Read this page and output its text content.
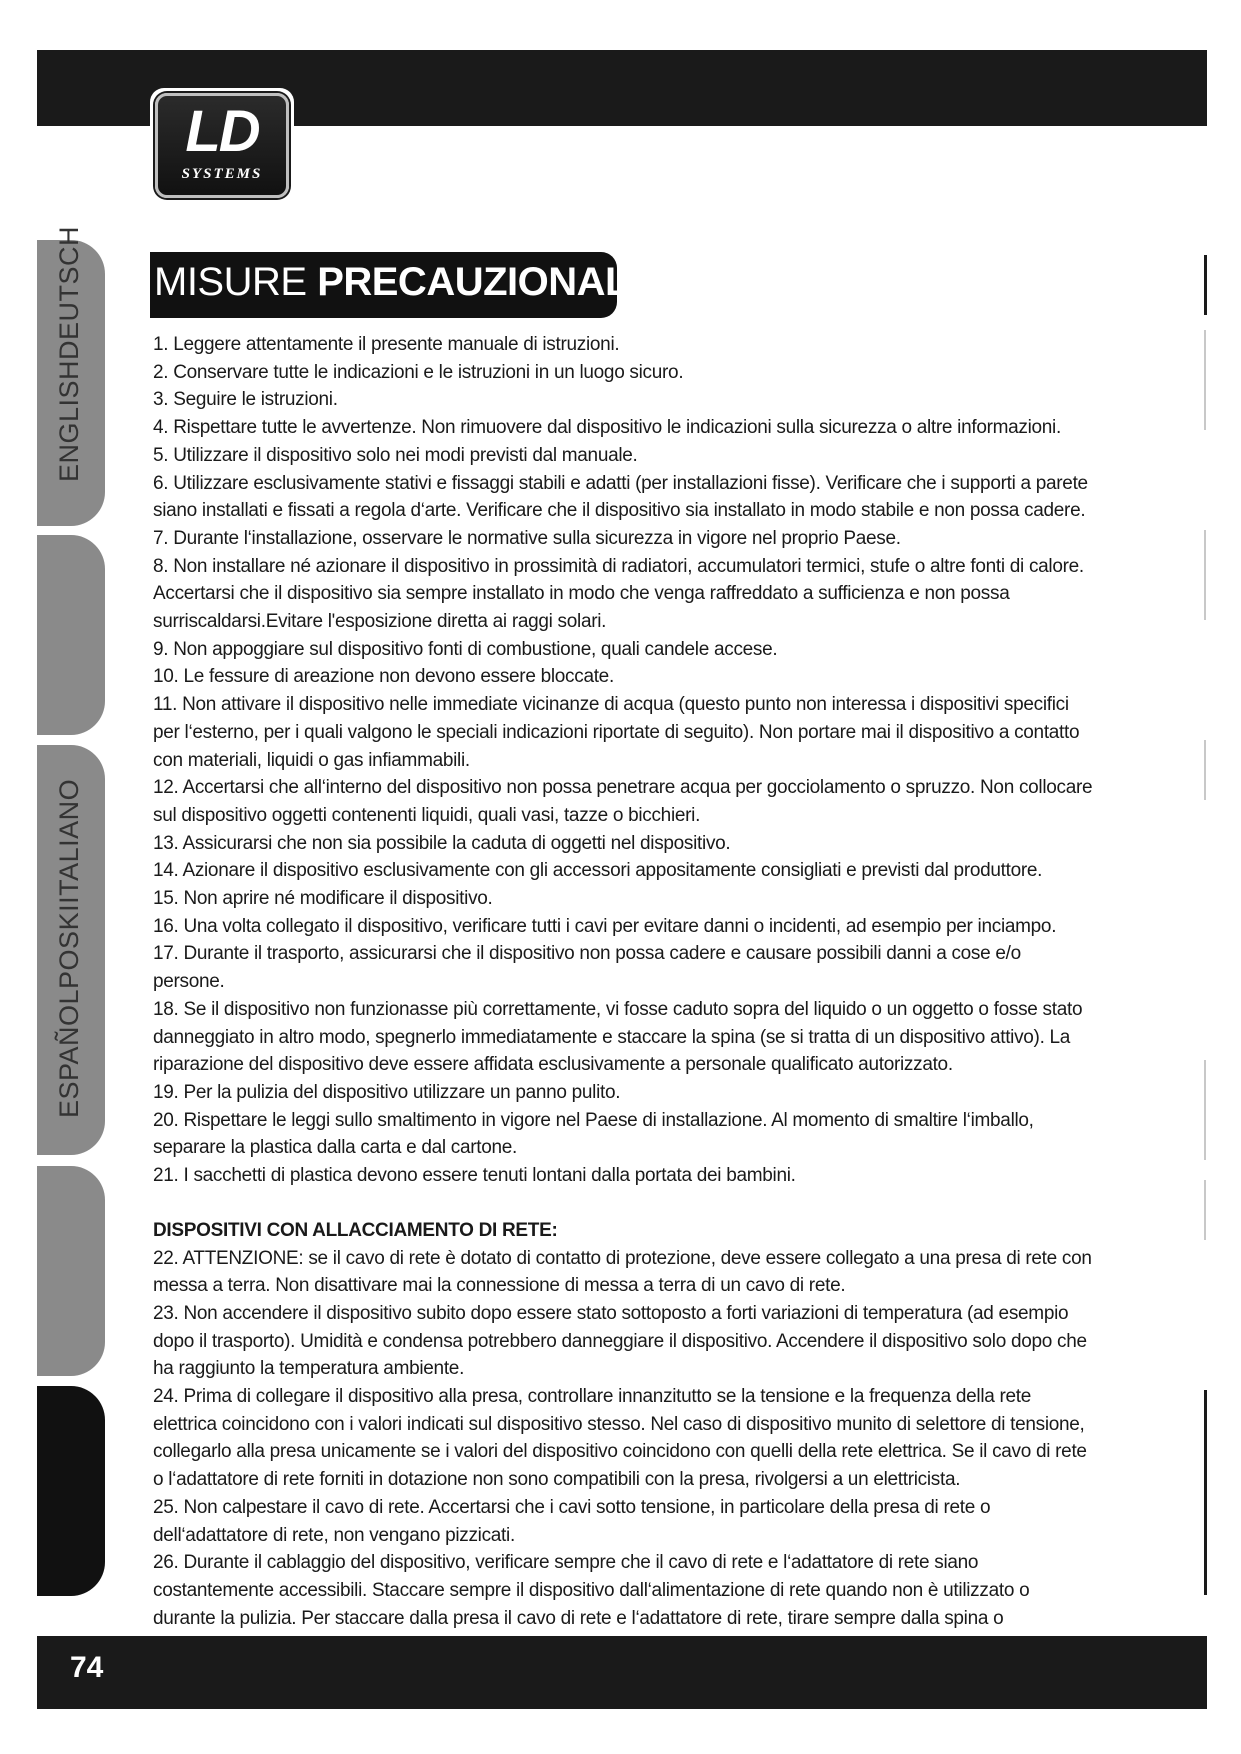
LD
SYSTEMS
ENGLISHDEUTSCH
ESPAÑOLPOSKIITALIANO
MISURE PRECAUZIONALI:

1. Leggere attentamente il presente manuale di istruzioni.

2. Conservare tutte le indicazioni e le istruzioni in un luogo sicuro.

3. Seguire le istruzioni.

4. Rispettare tutte le avvertenze. Non rimuovere dal dispositivo le indicazioni sulla sicurezza o altre informazioni.

5. Utilizzare il dispositivo solo nei modi previsti dal manuale.

6. Utilizzare esclusivamente stativi e fissaggi stabili e adatti (per installazioni fisse). Verificare che i supporti a parete siano installati e fissati a regola d‘arte. Verificare che il dispositivo sia installato in modo stabile e non possa cadere.

7. Durante l‘installazione, osservare le normative sulla sicurezza in vigore nel proprio Paese.

8. Non installare né azionare il dispositivo in prossimità di radiatori, accumulatori termici, stufe o altre fonti di calore. Accertarsi che il dispositivo sia sempre installato in modo che venga raffreddato a sufficienza e non possa surriscaldarsi.Evitare l'esposizione diretta ai raggi solari.

9. Non appoggiare sul dispositivo fonti di combustione, quali candele accese.

10. Le fessure di areazione non devono essere bloccate.

11. Non attivare il dispositivo nelle immediate vicinanze di acqua (questo punto non interessa i dispositivi specifici per l‘esterno, per i quali valgono le speciali indicazioni riportate di seguito). Non portare mai il dispositivo a contatto con materiali, liquidi o gas infiammabili.

12. Accertarsi che all‘interno del dispositivo non possa penetrare acqua per gocciolamento o spruzzo. Non collocare sul dispositivo oggetti contenenti liquidi, quali vasi, tazze o bicchieri.

13. Assicurarsi che non sia possibile la caduta di oggetti nel dispositivo.

14. Azionare il dispositivo esclusivamente con gli accessori appositamente consigliati e previsti dal produttore.

15. Non aprire né modificare il dispositivo.

16. Una volta collegato il dispositivo, verificare tutti i cavi per evitare danni o incidenti, ad esempio per inciampo.

17. Durante il trasporto, assicurarsi che il dispositivo non possa cadere e causare possibili danni a cose e/o persone.

18. Se il dispositivo non funzionasse più correttamente, vi fosse caduto sopra del liquido o un oggetto o fosse stato danneggiato in altro modo, spegnerlo immediatamente e staccare la spina (se si tratta di un dispositivo attivo). La riparazione del dispositivo deve essere affidata esclusivamente a personale qualificato autorizzato.

19. Per la pulizia del dispositivo utilizzare un panno pulito.

20. Rispettare le leggi sullo smaltimento in vigore nel Paese di installazione. Al momento di smaltire l‘imballo, separare la plastica dalla carta e dal cartone.

21. I sacchetti di plastica devono essere tenuti lontani dalla portata dei bambini.

DISPOSITIVI CON ALLACCIAMENTO DI RETE:

22. ATTENZIONE: se il cavo di rete è dotato di contatto di protezione, deve essere collegato a una presa di rete con messa a terra. Non disattivare mai la connessione di messa a terra di un cavo di rete.

23. Non accendere il dispositivo subito dopo essere stato sottoposto a forti variazioni di temperatura (ad esempio dopo il trasporto). Umidità e condensa potrebbero danneggiare il dispositivo. Accendere il dispositivo solo dopo che ha raggiunto la temperatura ambiente.

24. Prima di collegare il dispositivo alla presa, controllare innanzitutto se la tensione e la frequenza della rete elettrica coincidono con i valori indicati sul dispositivo stesso. Nel caso di dispositivo munito di selettore di tensione, collegarlo alla presa unicamente se i valori del dispositivo coincidono con quelli della rete elettrica. Se il cavo di rete o l‘adattatore di rete forniti in dotazione non sono compatibili con la presa, rivolgersi a un elettricista.

25. Non calpestare il cavo di rete. Accertarsi che i cavi sotto tensione, in particolare della presa di rete o dell‘adattatore di rete, non vengano pizzicati.

26. Durante il cablaggio del dispositivo, verificare sempre che il cavo di rete e l‘adattatore di rete siano costantemente accessibili. Staccare sempre il dispositivo dall‘alimentazione di rete quando non è utilizzato o durante la pulizia. Per staccare dalla presa il cavo di rete e l‘adattatore di rete, tirare sempre dalla spina o

74
